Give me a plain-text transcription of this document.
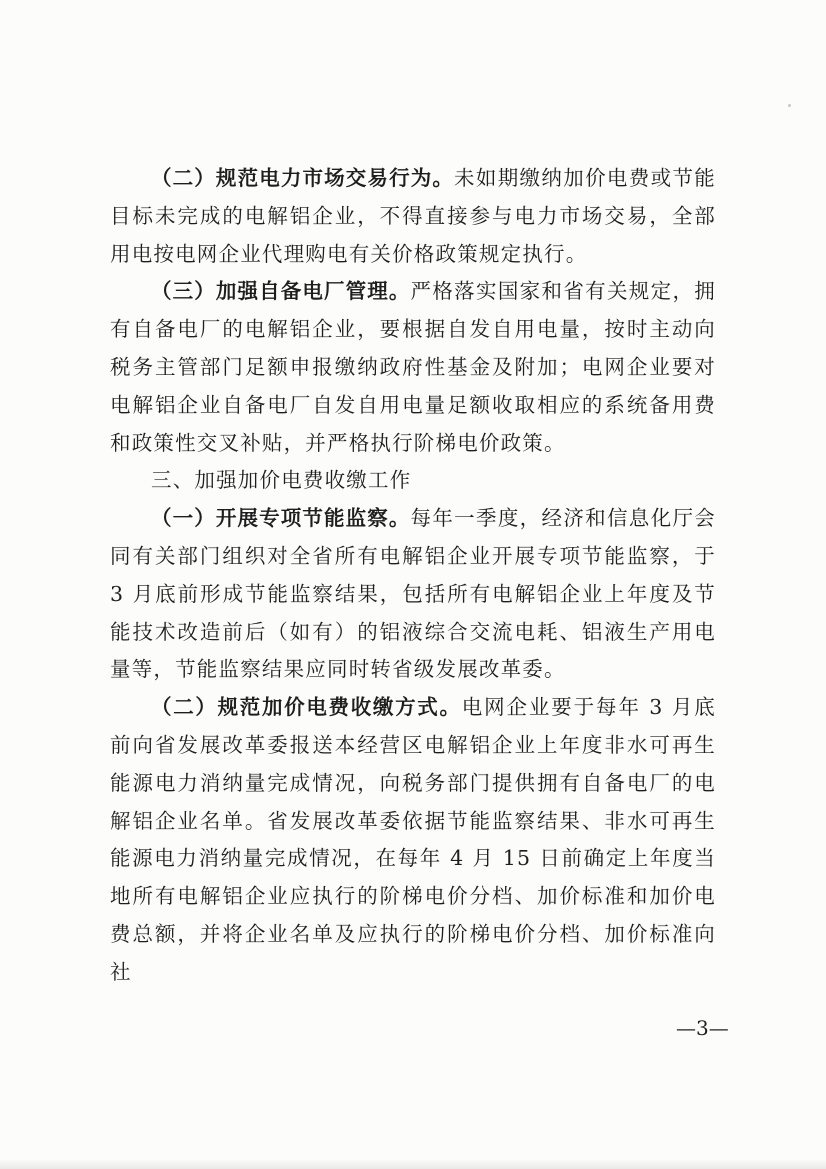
（二）规范电力市场交易行为。未如期缴纳加价电费或节能目标未完成的电解铝企业，不得直接参与电力市场交易，全部用电按电网企业代理购电有关价格政策规定执行。

（三）加强自备电厂管理。严格落实国家和省有关规定，拥有自备电厂的电解铝企业，要根据自发自用电量，按时主动向税务主管部门足额申报缴纳政府性基金及附加；电网企业要对电解铝企业自备电厂自发自用电量足额收取相应的系统备用费和政策性交叉补贴，并严格执行阶梯电价政策。

三、加强加价电费收缴工作

（一）开展专项节能监察。每年一季度，经济和信息化厅会同有关部门组织对全省所有电解铝企业开展专项节能监察，于 3 月底前形成节能监察结果，包括所有电解铝企业上年度及节能技术改造前后（如有）的铝液综合交流电耗、铝液生产用电量等，节能监察结果应同时转省级发展改革委。

（二）规范加价电费收缴方式。电网企业要于每年 3 月底前向省发展改革委报送本经营区电解铝企业上年度非水可再生能源电力消纳量完成情况，向税务部门提供拥有自备电厂的电解铝企业名单。省发展改革委依据节能监察结果、非水可再生能源电力消纳量完成情况，在每年 4 月 15 日前确定上年度当地所有电解铝企业应执行的阶梯电价分档、加价标准和加价电费总额，并将企业名单及应执行的阶梯电价分档、加价标准向社

—3—
